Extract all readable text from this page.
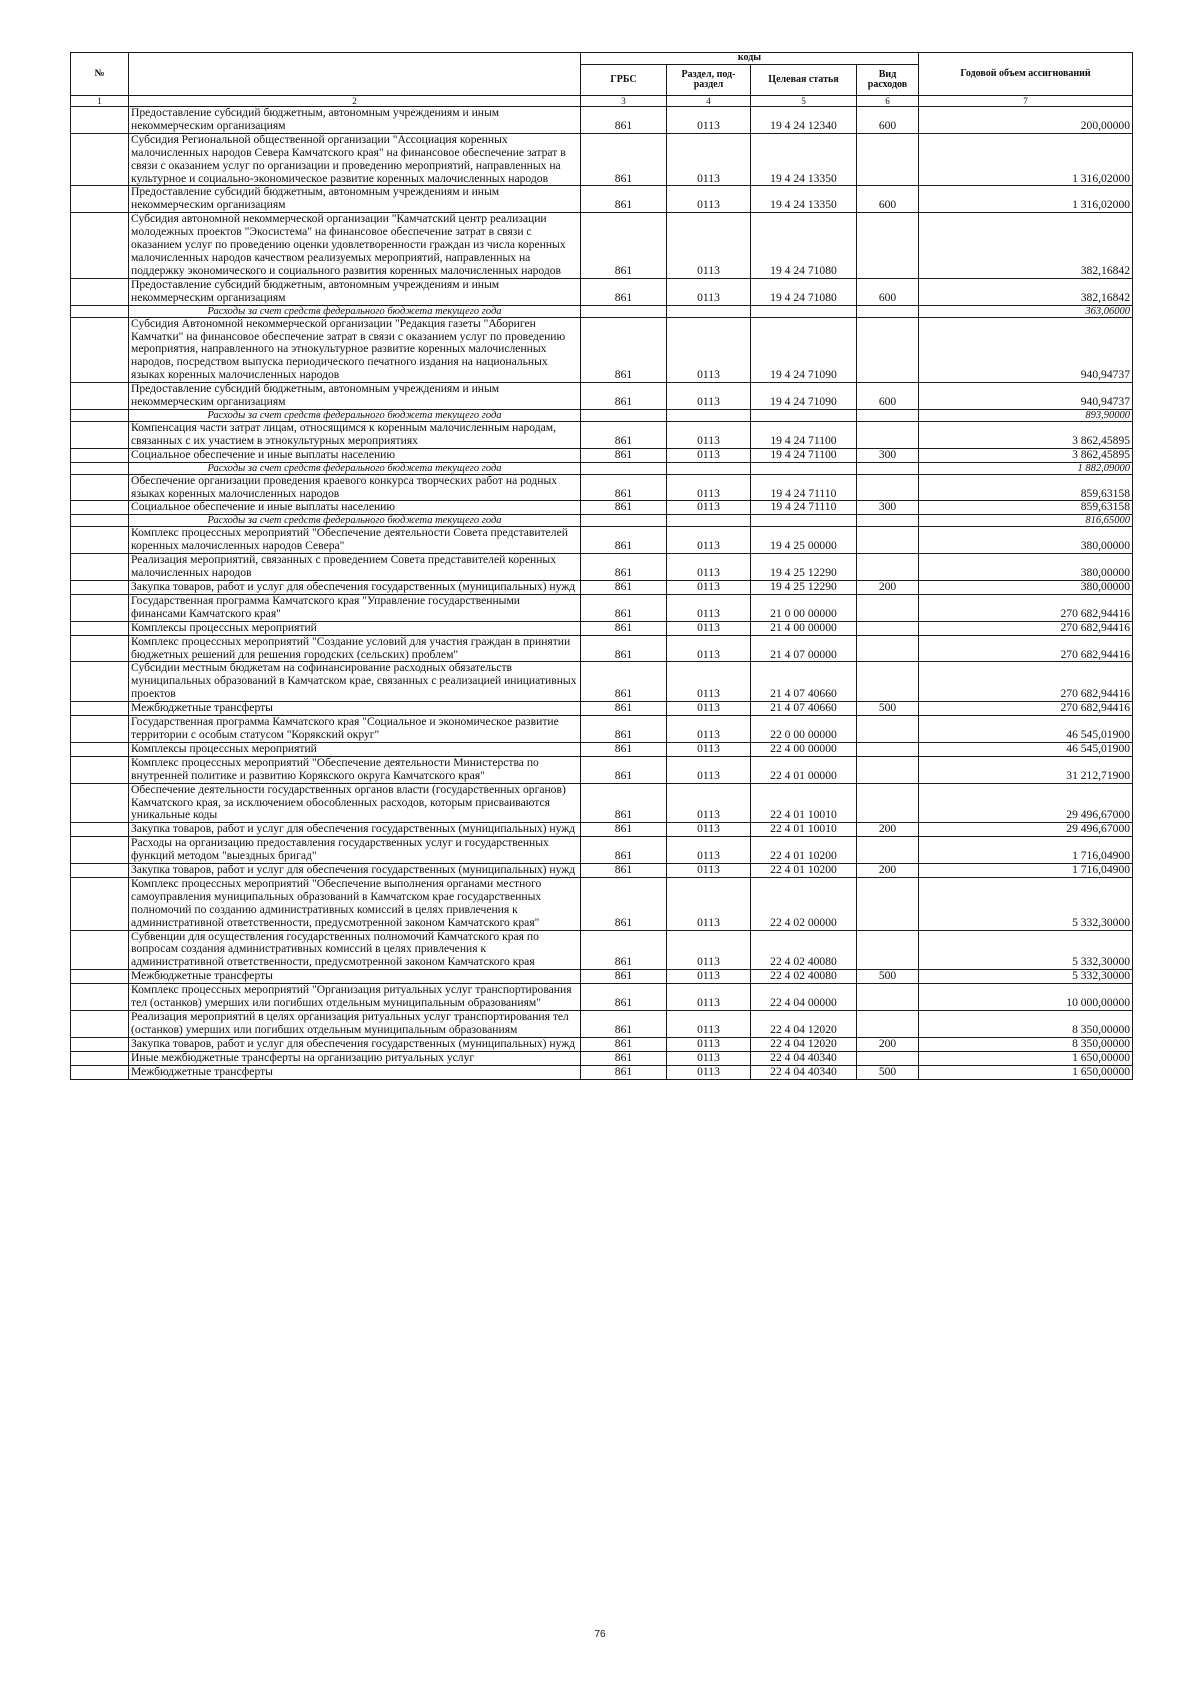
№		коды				Годовой объем ассигнований
		ГРБС	Раздел, под-раздел	Целевая статья	Вид расходов	
1	2	3	4	5	6	7
	Предоставление субсидий бюджетным, автономным учреждениям и иным некоммерческим организациям	861	0113	19 4 24 12340	600	200,00000
	Субсидия Региональной общественной организации "Ассоциация коренных малочисленных народов Севера Камчатского края" на финансовое обеспечение затрат в связи с оказанием услуг по организации и проведению мероприятий, направленных на культурное и социально-экономическое развитие коренных малочисленных народов	861	0113	19 4 24 13350		1 316,02000
	Предоставление субсидий бюджетным, автономным учреждениям и иным некоммерческим организациям	861	0113	19 4 24 13350	600	1 316,02000
	Субсидия автономной некоммерческой организации "Камчатский центр реализации молодежных проектов "Экосистема" на финансовое обеспечение затрат в связи с оказанием услуг по проведению оценки удовлетворенности граждан из числа коренных малочисленных народов качеством реализуемых мероприятий, направленных на поддержку экономического и социального развития коренных малочисленных народов	861	0113	19 4 24 71080		382,16842
	Предоставление субсидий бюджетным, автономным учреждениям и иным некоммерческим организациям	861	0113	19 4 24 71080	600	382,16842
	Расходы за счет средств федерального бюджета текущего года					363,06000
	Субсидия Автономной некоммерческой организации "Редакция газеты "Абориген Камчатки" на финансовое обеспечение затрат в связи с оказанием услуг по проведению мероприятия, направленного на этнокультурное развитие коренных малочисленных народов, посредством выпуска периодического печатного издания на национальных языках коренных малочисленных народов	861	0113	19 4 24 71090		940,94737
	Предоставление субсидий бюджетным, автономным учреждениям и иным некоммерческим организациям	861	0113	19 4 24 71090	600	940,94737
	Расходы за счет средств федерального бюджета текущего года					893,90000
	Компенсация части затрат лицам, относящимся к коренным малочисленным народам, связанных с их участием в этнокультурных мероприятиях	861	0113	19 4 24 71100		3 862,45895
	Социальное обеспечение и иные выплаты населению	861	0113	19 4 24 71100	300	3 862,45895
	Расходы за счет средств федерального бюджета текущего года					1 882,09000
	Обеспечение организации проведения краевого конкурса творческих работ на родных языках коренных малочисленных народов	861	0113	19 4 24 71110		859,63158
	Социальное обеспечение и иные выплаты населению	861	0113	19 4 24 71110	300	859,63158
	Расходы за счет средств федерального бюджета текущего года					816,65000
	Комплекс процессных мероприятий "Обеспечение деятельности Совета представителей коренных малочисленных народов Севера"	861	0113	19 4 25 00000		380,00000
	Реализация мероприятий, связанных с проведением Совета представителей коренных малочисленных народов	861	0113	19 4 25 12290		380,00000
	Закупка товаров, работ и услуг для обеспечения государственных (муниципальных) нужд	861	0113	19 4 25 12290	200	380,00000
	Государственная программа Камчатского края "Управление государственными финансами Камчатского края"	861	0113	21 0 00 00000		270 682,94416
	Комплексы процессных мероприятий	861	0113	21 4 00 00000		270 682,94416
	Комплекс процессных мероприятий "Создание условий для участия граждан в принятии бюджетных решений для решения городских (сельских) проблем"	861	0113	21 4 07 00000		270 682,94416
	Субсидии местным бюджетам на софинансирование расходных обязательств муниципальных образований в Камчатском крае, связанных с реализацией инициативных проектов	861	0113	21 4 07 40660		270 682,94416
	Межбюджетные трансферты	861	0113	21 4 07 40660	500	270 682,94416
	Государственная программа Камчатского края "Социальное и экономическое развитие территории с особым статусом "Корякский округ"	861	0113	22 0 00 00000		46 545,01900
	Комплексы процессных мероприятий	861	0113	22 4 00 00000		46 545,01900
	Комплекс процессных мероприятий "Обеспечение деятельности Министерства по внутренней политике и развитию Корякского округа Камчатского края"	861	0113	22 4 01 00000		31 212,71900
	Обеспечение деятельности государственных органов власти (государственных органов) Камчатского края, за исключением обособленных расходов, которым присваиваются уникальные коды	861	0113	22 4 01 10010		29 496,67000
	Закупка товаров, работ и услуг для обеспечения государственных (муниципальных) нужд	861	0113	22 4 01 10010	200	29 496,67000
	Расходы на организацию предоставления государственных услуг и государственных функций методом "выездных бригад"	861	0113	22 4 01 10200		1 716,04900
	Закупка товаров, работ и услуг для обеспечения государственных (муниципальных) нужд	861	0113	22 4 01 10200	200	1 716,04900
	Комплекс процессных мероприятий "Обеспечение выполнения органами местного самоуправления муниципальных образований в Камчатском крае государственных полномочий по созданию административных комиссий в целях привлечения к административной ответственности, предусмотренной законом Камчатского края"	861	0113	22 4 02 00000		5 332,30000
	Субвенции для осуществления государственных полномочий Камчатского края по вопросам создания административных комиссий в целях привлечения к административной ответственности, предусмотренной законом Камчатского края	861	0113	22 4 02 40080		5 332,30000
	Межбюджетные трансферты	861	0113	22 4 02 40080	500	5 332,30000
	Комплекс процессных мероприятий "Организация ритуальных услуг транспортирования тел (останков) умерших или погибших отдельным муниципальным образованиям"	861	0113	22 4 04 00000		10 000,00000
	Реализация мероприятий в целях организация ритуальных услуг транспортирования тел (останков) умерших или погибших отдельным муниципальным образованиям	861	0113	22 4 04 12020		8 350,00000
	Закупка товаров, работ и услуг для обеспечения государственных (муниципальных) нужд	861	0113	22 4 04 12020	200	8 350,00000
	Иные межбюджетные трансферты на организацию ритуальных услуг	861	0113	22 4 04 40340		1 650,00000
	Межбюджетные трансферты	861	0113	22 4 04 40340	500	1 650,00000
76
